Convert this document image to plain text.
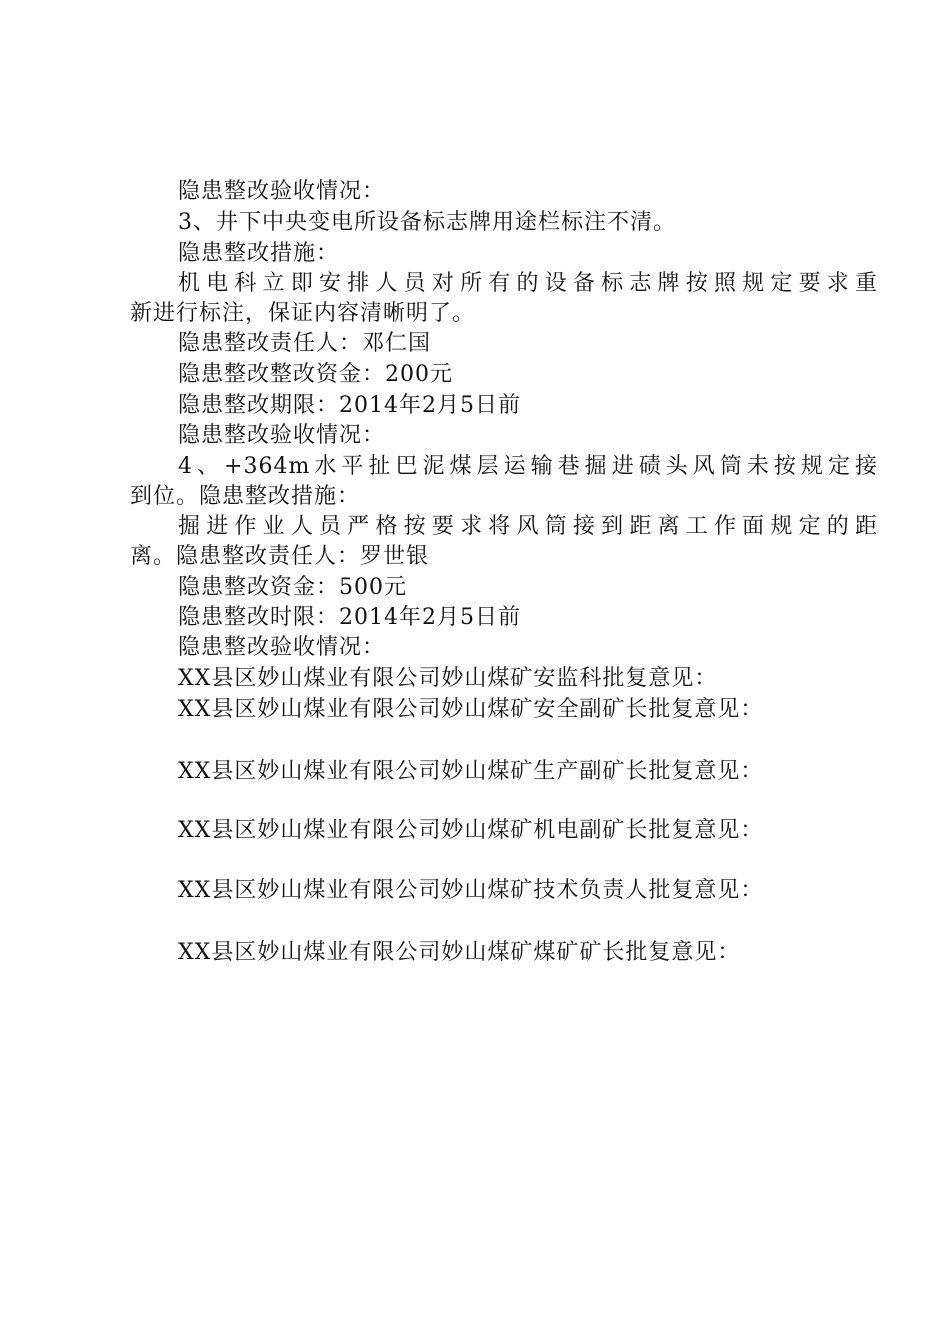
隐患整改验收情况：
3、井下中央变电所设备标志牌用途栏标注不清。
隐患整改措施：
机电科立即安排人员对所有的设备标志牌按照规定要求重
新进行标注，保证内容清晰明了。
隐患整改责任人：邓仁国
隐患整改整改资金：200元
隐患整改期限：2014年2月5日前
隐患整改验收情况：
4、+364m水平扯巴泥煤层运输巷掘进碛头风筒未按规定接
到位。隐患整改措施：
掘进作业人员严格按要求将风筒接到距离工作面规定的距
离。隐患整改责任人：罗世银
隐患整改资金：500元
隐患整改时限：2014年2月5日前
隐患整改验收情况：
XX县区妙山煤业有限公司妙山煤矿安监科批复意见：
XX县区妙山煤业有限公司妙山煤矿安全副矿长批复意见：
XX县区妙山煤业有限公司妙山煤矿生产副矿长批复意见：
XX县区妙山煤业有限公司妙山煤矿机电副矿长批复意见：
XX县区妙山煤业有限公司妙山煤矿技术负责人批复意见：
XX县区妙山煤业有限公司妙山煤矿煤矿矿长批复意见：
